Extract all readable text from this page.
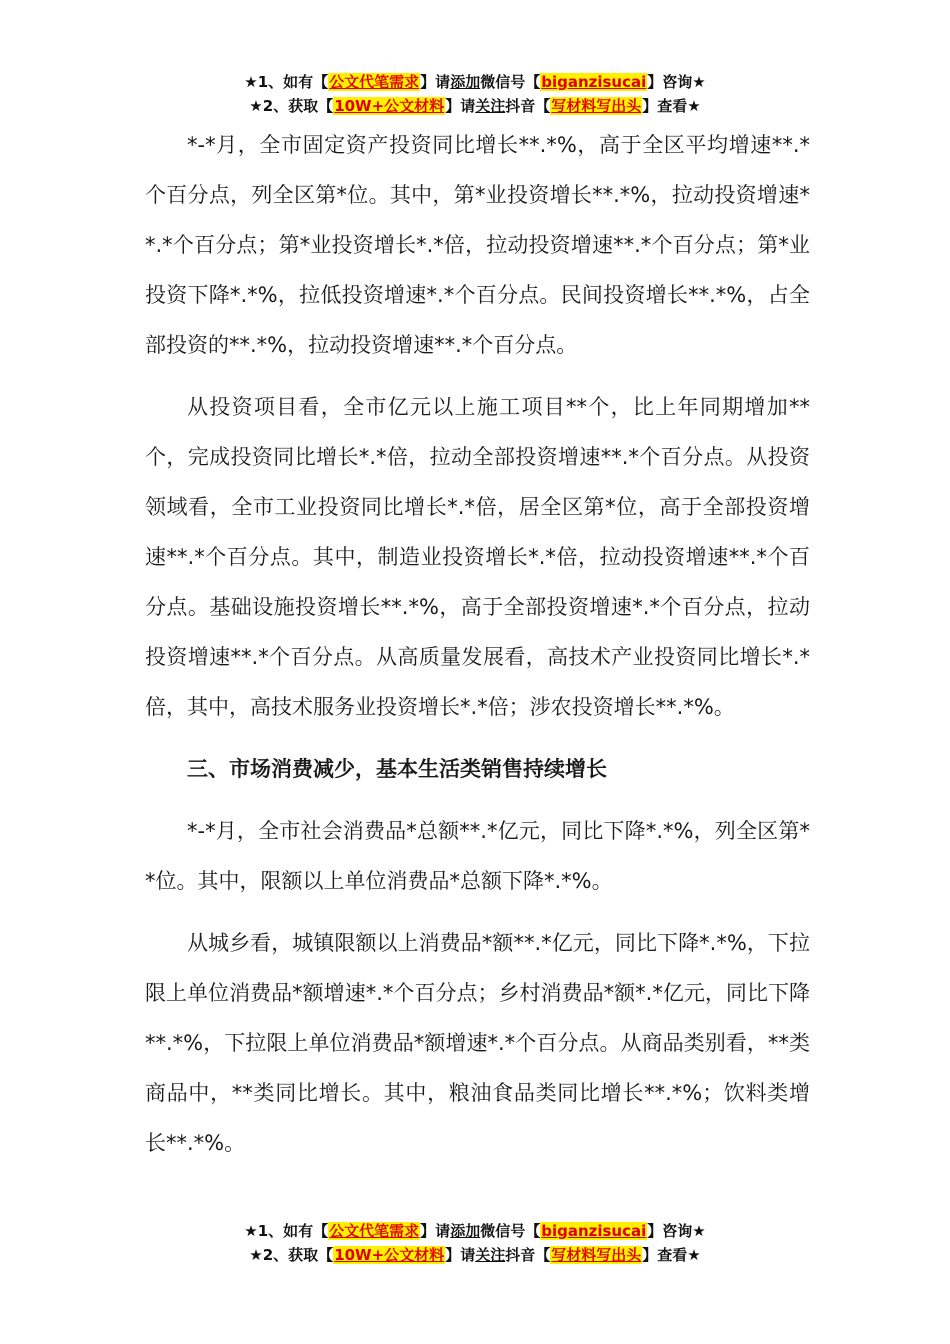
★1、如有【公文代笔需求】请添加微信号【biganzisucai】咨询★
★2、获取【10W+公文材料】请关注抖音【写材料写出头】查看★

*-*月，全市固定资产投资同比增长**.*%，高于全区平均增速**.*个百分点，列全区第*位。其中，第*业投资增长**.*%，拉动投资增速**.*个百分点；第*业投资增长*.*倍，拉动投资增速**.*个百分点；第*业投资下降*.*%，拉低投资增速*.*个百分点。民间投资增长**.*%，占全部投资的**.*%，拉动投资增速**.*个百分点。

从投资项目看，全市亿元以上施工项目**个，比上年同期增加**个，完成投资同比增长*.*倍，拉动全部投资增速**.*个百分点。从投资领域看，全市工业投资同比增长*.*倍，居全区第*位，高于全部投资增速**.*个百分点。其中，制造业投资增长*.*倍，拉动投资增速**.*个百分点。基础设施投资增长**.*%，高于全部投资增速*.*个百分点，拉动投资增速**.*个百分点。从高质量发展看，高技术产业投资同比增长*.*倍，其中，高技术服务业投资增长*.*倍；涉农投资增长**.*%。

三、市场消费减少，基本生活类销售持续增长

*-*月，全市社会消费品*总额**.*亿元，同比下降*.*%，列全区第**位。其中，限额以上单位消费品*总额下降*.*%。

从城乡看，城镇限额以上消费品*额**.*亿元，同比下降*.*%，下拉限上单位消费品*额增速*.*个百分点；乡村消费品*额*.*亿元，同比下降**.*%，下拉限上单位消费品*额增速*.*个百分点。从商品类别看，**类商品中，**类同比增长。其中，粮油食品类同比增长**.*%；饮料类增长**.*%。

★1、如有【公文代笔需求】请添加微信号【biganzisucai】咨询★
★2、获取【10W+公文材料】请关注抖音【写材料写出头】查看★
